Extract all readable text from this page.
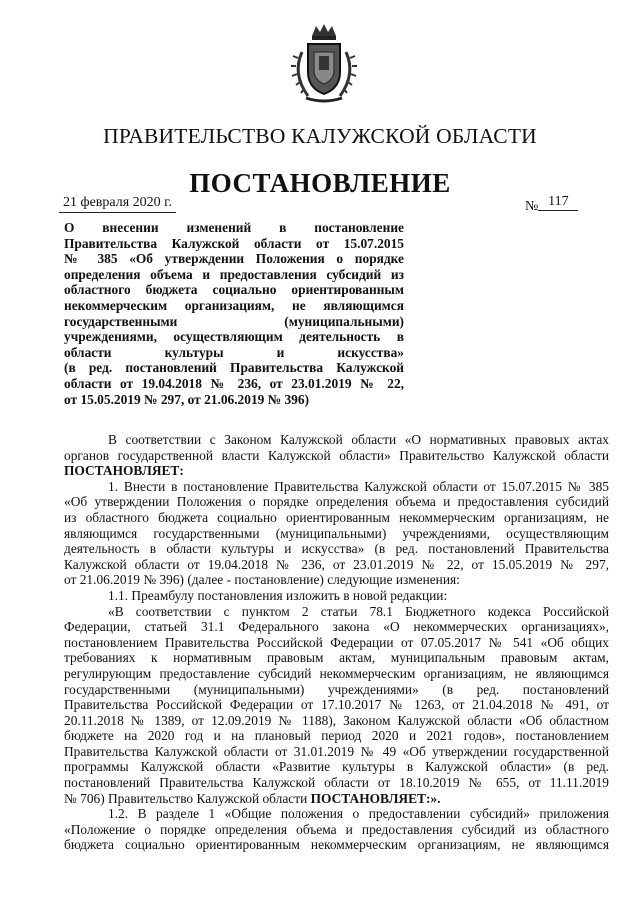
ПРАВИТЕЛЬСТВО КАЛУЖСКОЙ ОБЛАСТИ
ПОСТАНОВЛЕНИЕ
21 февраля 2020 г.	№ 117
О внесении изменений в постановление
Правительства Калужской области от 15.07.2015
№ 385 «Об утверждении Положения о порядке
определения объема и предоставления субсидий из
областного бюджета социально ориентированным
некоммерческим организациям, не являющимся
государственными (муниципальными)
учреждениями, осуществляющим деятельность в
области культуры и искусства»
(в ред. постановлений Правительства Калужской
области от 19.04.2018 № 236, от 23.01.2019 № 22,
от 15.05.2019 № 297, от 21.06.2019 № 396)
В соответствии с Законом Калужской области «О нормативных правовых актах
органов государственной власти Калужской области» Правительство Калужской области
ПОСТАНОВЛЯЕТ:
1. Внести в постановление Правительства Калужской области от 15.07.2015 № 385
«Об утверждении Положения о порядке определения объема и предоставления субсидий
из областного бюджета социально ориентированным некоммерческим организациям, не
являющимся государственными (муниципальными) учреждениями, осуществляющим
деятельность в области культуры и искусства» (в ред. постановлений Правительства
Калужской области от 19.04.2018 № 236, от 23.01.2019 № 22, от 15.05.2019 № 297,
от 21.06.2019 № 396) (далее - постановление) следующие изменения:
1.1. Преамбулу постановления изложить в новой редакции:
«В соответствии с пунктом 2 статьи 78.1 Бюджетного кодекса Российской
Федерации, статьей 31.1 Федерального закона «О некоммерческих организациях»,
постановлением Правительства Российской Федерации от 07.05.2017 № 541 «Об общих
требованиях к нормативным правовым актам, муниципальным правовым актам,
регулирующим предоставление субсидий некоммерческим организациям, не являющимся
государственными (муниципальными) учреждениями» (в ред. постановлений
Правительства Российской Федерации от 17.10.2017 № 1263, от 21.04.2018 № 491, от
20.11.2018 № 1389, от 12.09.2019 № 1188), Законом Калужской области «Об областном
бюджете на 2020 год и на плановый период 2020 и 2021 годов», постановлением
Правительства Калужской области от 31.01.2019 № 49 «Об утверждении государственной
программы Калужской области «Развитие культуры в Калужской области» (в ред.
постановлений Правительства Калужской области от 18.10.2019 № 655, от 11.11.2019
№ 706) Правительство Калужской области ПОСТАНОВЛЯЕТ:».
1.2. В разделе 1 «Общие положения о предоставлении субсидий» приложения
«Положение о порядке определения объема и предоставления субсидий из областного
бюджета социально ориентированным некоммерческим организациям, не являющимся
